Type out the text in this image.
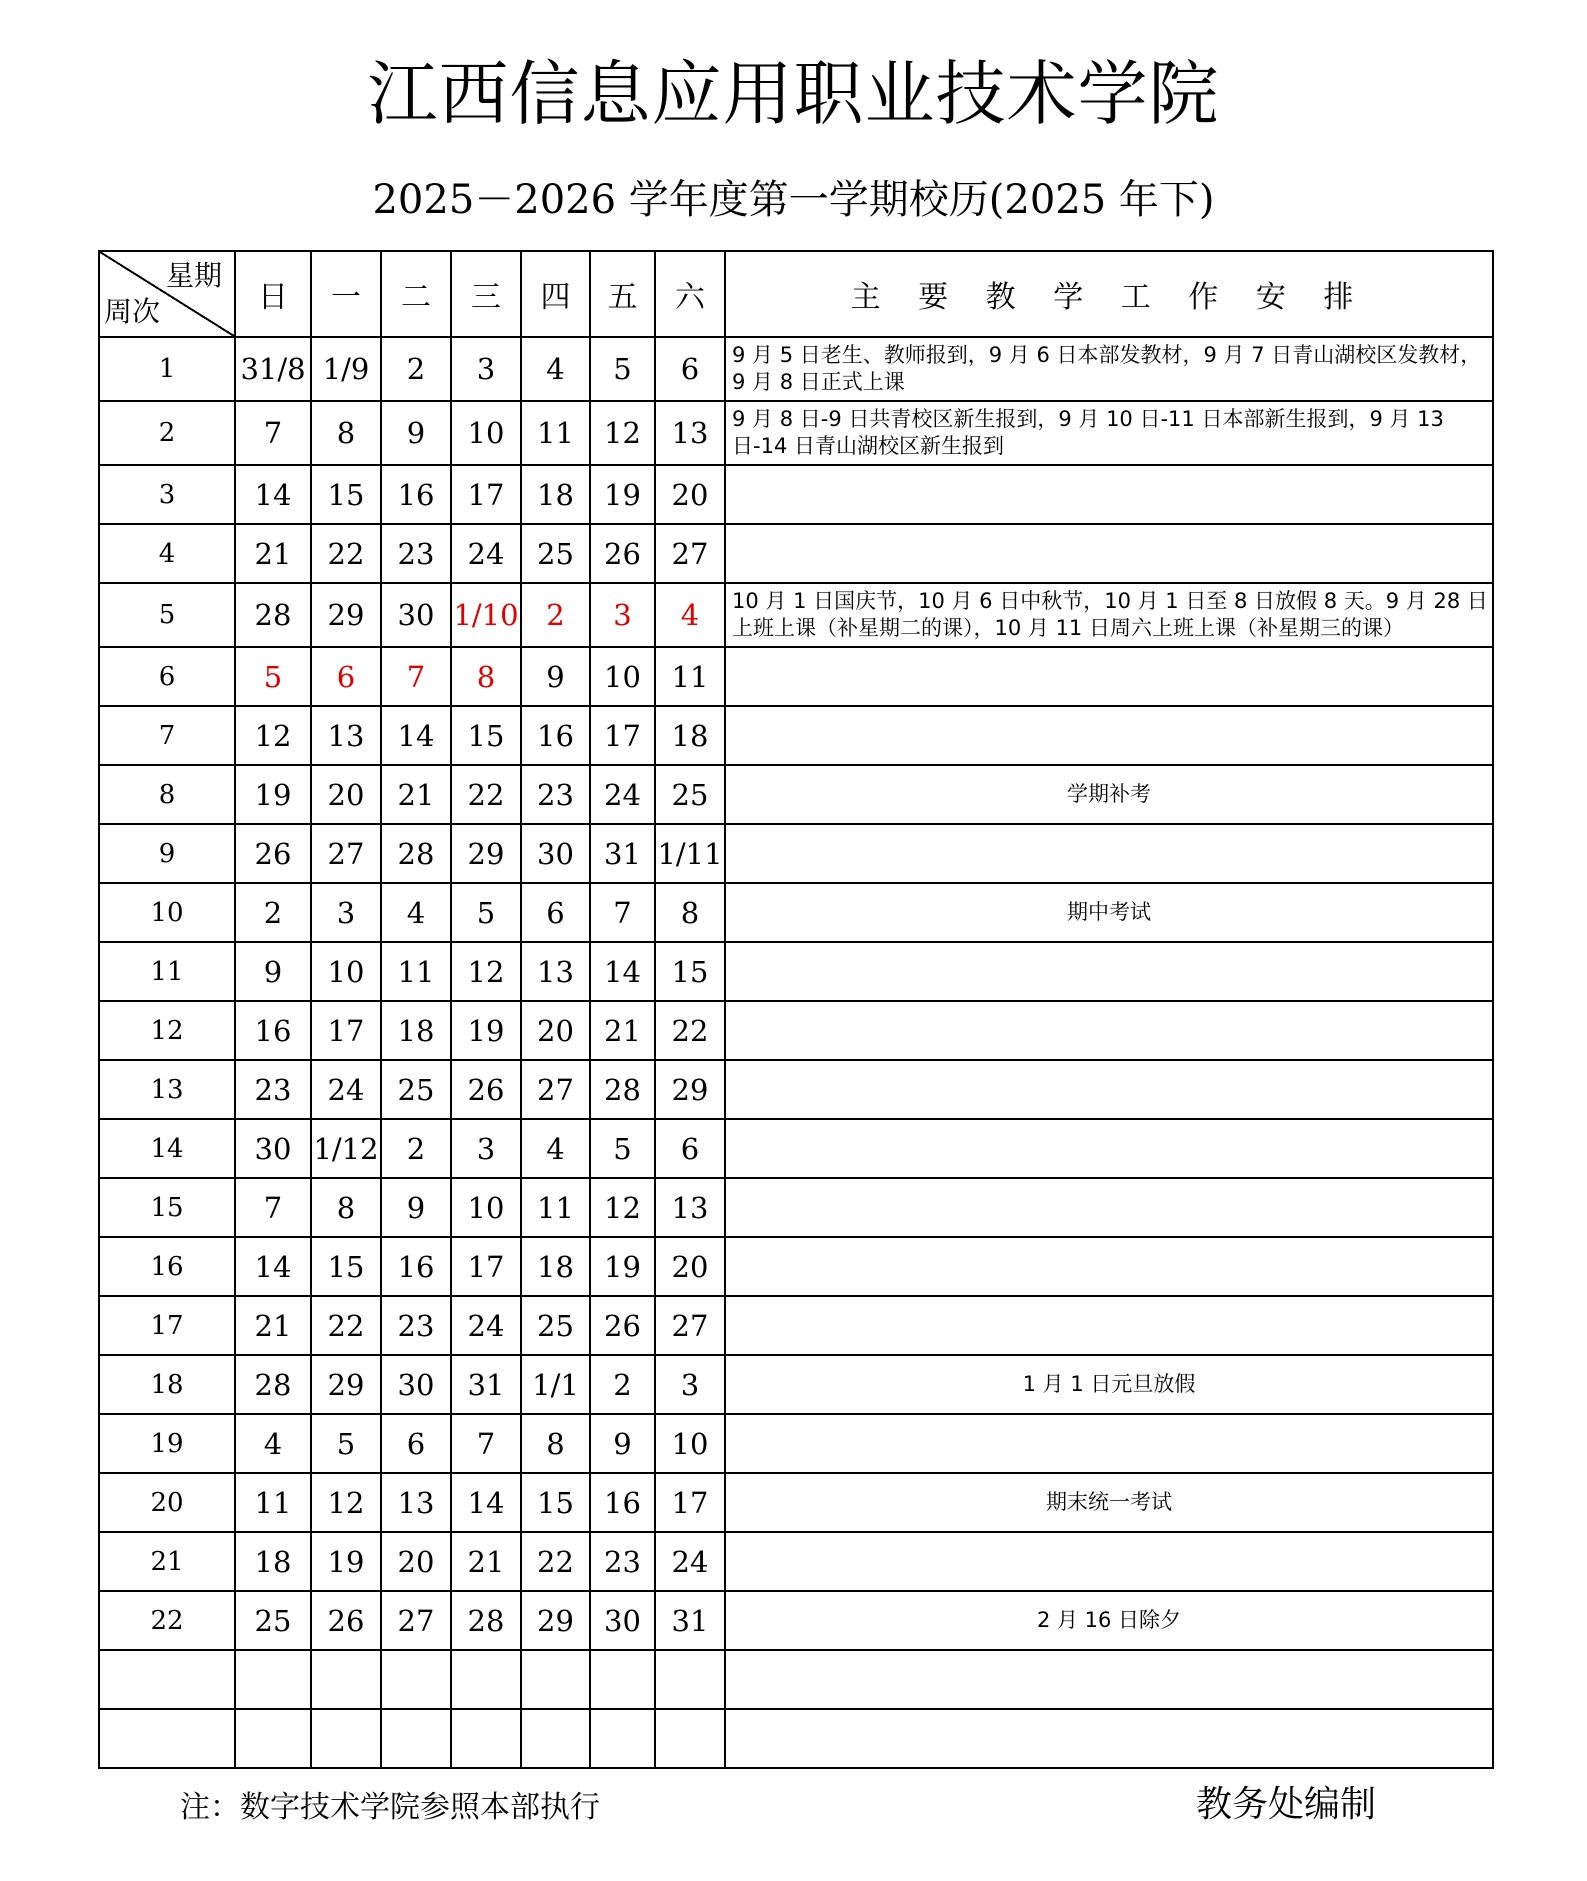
江西信息应用职业技术学院
2025－2026 学年度第一学期校历(2025 年下)
星期
周次	日	一	二	三	四	五	六	主 要 教 学 工 作 安 排
1	31/8	1/9	2	3	4	5	6	9 月 5 日老生、教师报到，9 月 6 日本部发教材，9 月 7 日青山湖校区发教材，9 月 8 日正式上课
2	7	8	9	10	11	12	13	9 月 8 日-9 日共青校区新生报到，9 月 10 日-11 日本部新生报到，9 月 13 日-14 日青山湖校区新生报到
3	14	15	16	17	18	19	20	
4	21	22	23	24	25	26	27	
5	28	29	30	1/10	2	3	4	10 月 1 日国庆节，10 月 6 日中秋节，10 月 1 日至 8 日放假 8 天。9 月 28 日上班上课（补星期二的课），10 月 11 日周六上班上课（补星期三的课）
6	5	6	7	8	9	10	11	
7	12	13	14	15	16	17	18	
8	19	20	21	22	23	24	25	学期补考
9	26	27	28	29	30	31	1/11	
10	2	3	4	5	6	7	8	期中考试
11	9	10	11	12	13	14	15	
12	16	17	18	19	20	21	22	
13	23	24	25	26	27	28	29	
14	30	1/12	2	3	4	5	6	
15	7	8	9	10	11	12	13	
16	14	15	16	17	18	19	20	
17	21	22	23	24	25	26	27	
18	28	29	30	31	1/1	2	3	1 月 1 日元旦放假
19	4	5	6	7	8	9	10	
20	11	12	13	14	15	16	17	期末统一考试
21	18	19	20	21	22	23	24	
22	25	26	27	28	29	30	31	2 月 16 日除夕

注：数字技术学院参照本部执行	教务处编制
